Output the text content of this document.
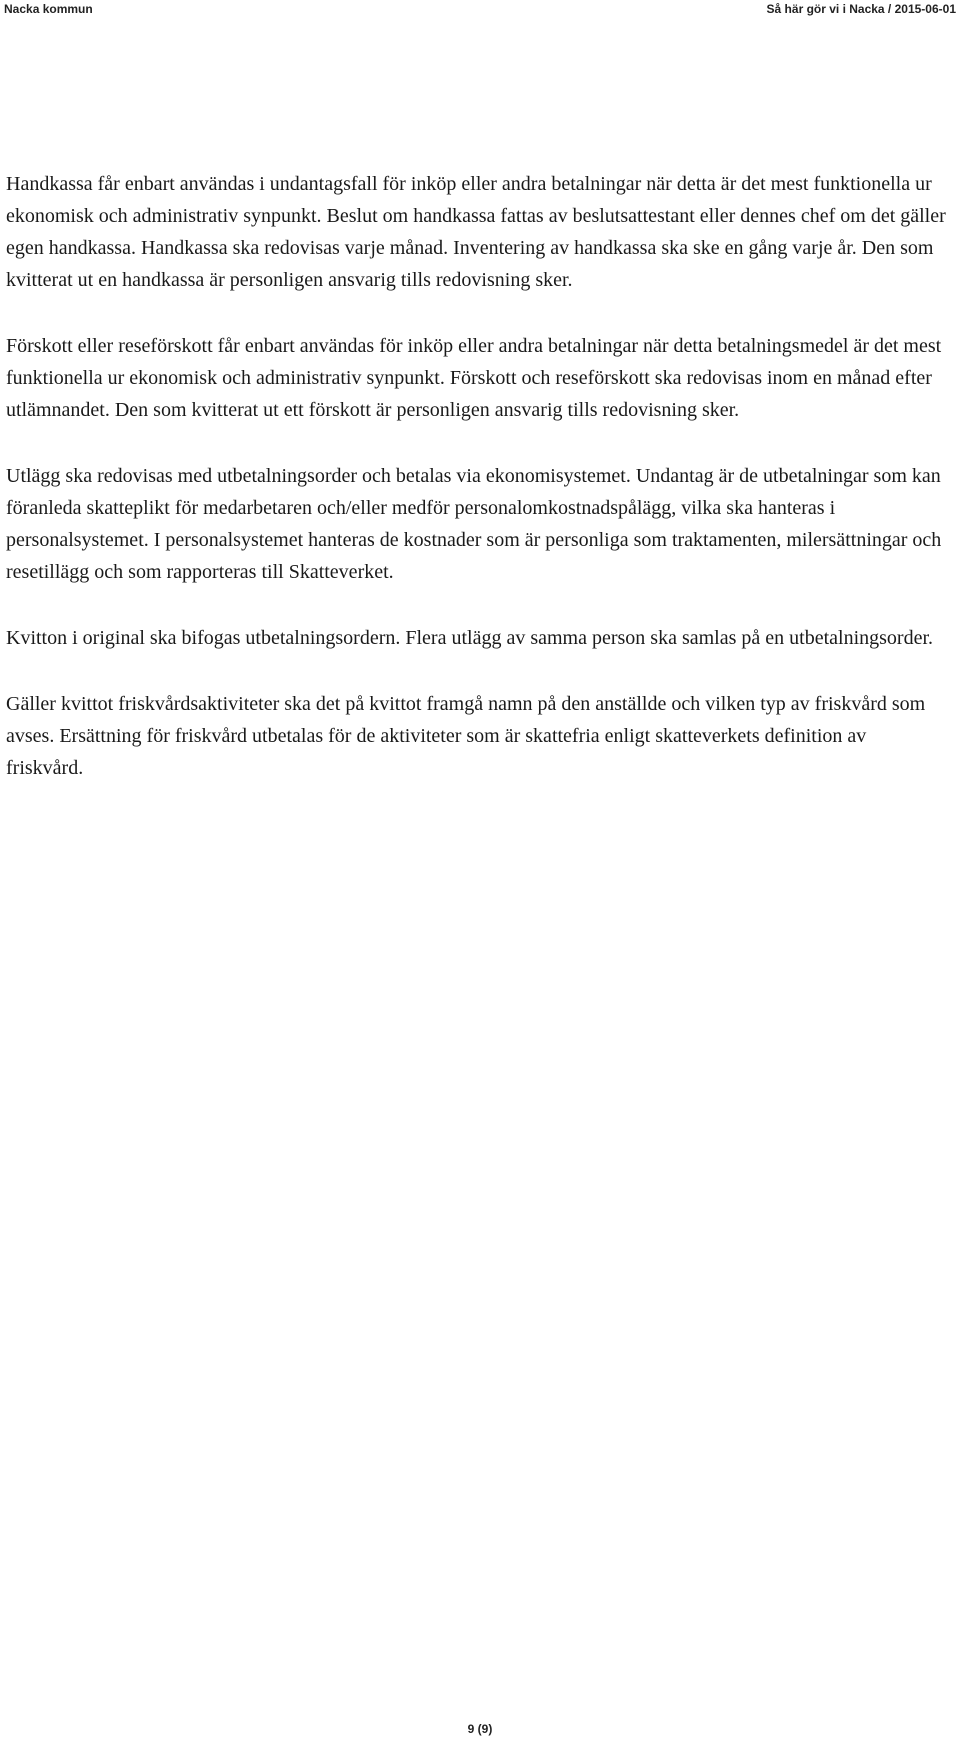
Nacka kommun	Så här gör vi i Nacka / 2015-06-01

Handkassa får enbart användas i undantagsfall för inköp eller andra betalningar när detta är det mest funktionella ur ekonomisk och administrativ synpunkt. Beslut om handkassa fattas av beslutsattestant eller dennes chef om det gäller egen handkassa. Handkassa ska redovisas varje månad. Inventering av handkassa ska ske en gång varje år. Den som kvitterat ut en handkassa är personligen ansvarig tills redovisning sker.

Förskott eller reseförskott får enbart användas för inköp eller andra betalningar när detta betalningsmedel är det mest funktionella ur ekonomisk och administrativ synpunkt. Förskott och reseförskott ska redovisas inom en månad efter utlämnandet. Den som kvitterat ut ett förskott är personligen ansvarig tills redovisning sker.

Utlägg ska redovisas med utbetalningsorder och betalas via ekonomisystemet. Undantag är de utbetalningar som kan föranleda skatteplikt för medarbetaren och/eller medför personalomkostnadspålägg, vilka ska hanteras i personalsystemet. I personalsystemet hanteras de kostnader som är personliga som traktamenten, milersättningar och resetillägg och som rapporteras till Skatteverket.

Kvitton i original ska bifogas utbetalningsordern. Flera utlägg av samma person ska samlas på en utbetalningsorder.

Gäller kvittot friskvårdsaktiviteter ska det på kvittot framgå namn på den anställde och vilken typ av friskvård som avses. Ersättning för friskvård utbetalas för de aktiviteter som är skattefria enligt skatteverkets definition av friskvård.

9 (9)
